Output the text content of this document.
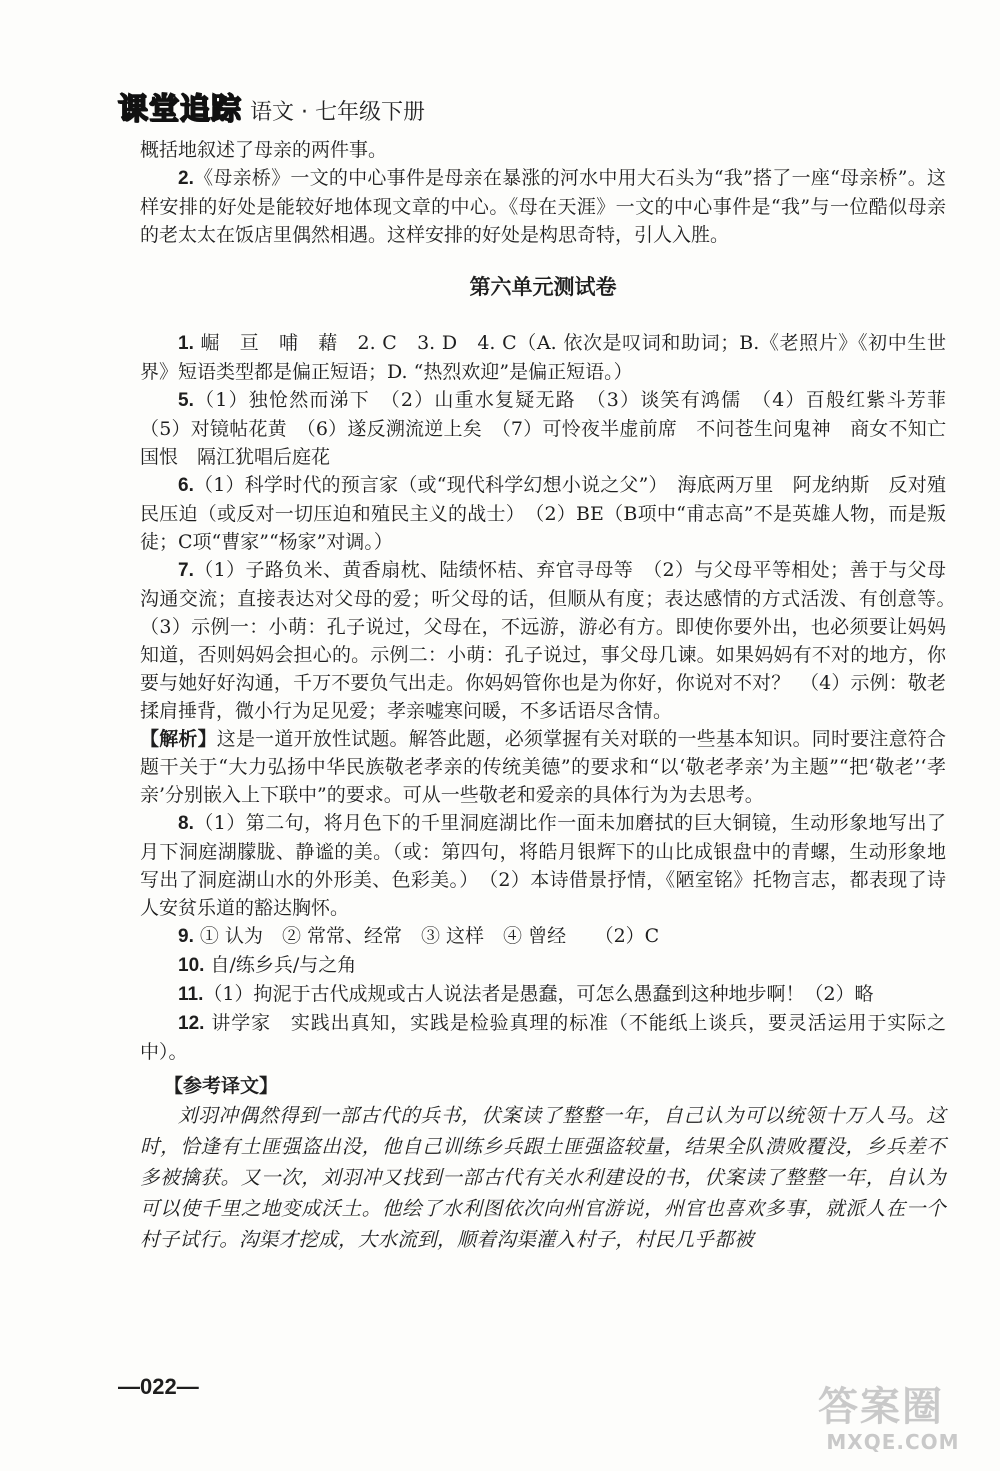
课堂追踪 语文 · 七年级下册

概括地叙述了母亲的两件事。

2.《母亲桥》一文的中心事件是母亲在暴涨的河水中用大石头为“我”搭了一座“母亲桥”。这样安排的好处是能较好地体现文章的中心。《母在天涯》一文的中心事件是“我”与一位酷似母亲的老太太在饭店里偶然相遇。这样安排的好处是构思奇特，引人入胜。

第六单元测试卷

1. 崛　亘　哺　藉　2. C　3. D　4. C（A. 依次是叹词和助词；B.《老照片》《初中生世界》短语类型都是偏正短语；D. “热烈欢迎”是偏正短语。）

5.（1）独怆然而涕下　（2）山重水复疑无路　（3）谈笑有鸿儒　（4）百般红紫斗芳菲　（5）对镜帖花黄　（6）遂反溯流逆上矣　（7）可怜夜半虚前席　不问苍生问鬼神　商女不知亡国恨　隔江犹唱后庭花

6.（1）科学时代的预言家（或“现代科学幻想小说之父”）　海底两万里　阿龙纳斯　反对殖民压迫（或反对一切压迫和殖民主义的战士）　（2）BE（B项中“甫志高”不是英雄人物，而是叛徒；C项“曹家”“杨家”对调。）

7.（1）子路负米、黄香扇枕、陆绩怀桔、弃官寻母等　（2）与父母平等相处；善于与父母沟通交流；直接表达对父母的爱；听父母的话，但顺从有度；表达感情的方式活泼、有创意等。　（3）示例一：小萌：孔子说过，父母在，不远游，游必有方。即使你要外出，也必须要让妈妈知道，否则妈妈会担心的。示例二：小萌：孔子说过，事父母几谏。如果妈妈有不对的地方，你要与她好好沟通，千万不要负气出走。你妈妈管你也是为你好，你说对不对？　（4）示例：敬老揉肩捶背，微小行为足见爱；孝亲嘘寒问暖，不多话语尽含情。

【解析】这是一道开放性试题。解答此题，必须掌握有关对联的一些基本知识。同时要注意符合题干关于“大力弘扬中华民族敬老孝亲的传统美德”的要求和“以‘敬老孝亲’为主题”“把‘敬老’‘孝亲’分别嵌入上下联中”的要求。可从一些敬老和爱亲的具体行为为去思考。

8.（1）第二句，将月色下的千里洞庭湖比作一面未加磨拭的巨大铜镜，生动形象地写出了月下洞庭湖朦胧、静谧的美。（或：第四句，将皓月银辉下的山比成银盘中的青螺，生动形象地写出了洞庭湖山水的外形美、色彩美。）　（2）本诗借景抒情，《陋室铭》托物言志，都表现了诗人安贫乐道的豁达胸怀。

9. ① 认为　② 常常、经常　③ 这样　④ 曾经　　（2）C

10. 自/练乡兵/与之角

11.（1）拘泥于古代成规或古人说法者是愚蠢，可怎么愚蠢到这种地步啊！（2）略

12. 讲学家　实践出真知，实践是检验真理的标准（不能纸上谈兵，要灵活运用于实际之中）。

【参考译文】

刘羽冲偶然得到一部古代的兵书，伏案读了整整一年，自己认为可以统领十万人马。这时，恰逢有土匪强盗出没，他自己训练乡兵跟土匪强盗较量，结果全队溃败覆没，乡兵差不多被擒获。又一次，刘羽冲又找到一部古代有关水利建设的书，伏案读了整整一年，自认为可以使千里之地变成沃土。他绘了水利图依次向州官游说，州官也喜欢多事，就派人在一个村子试行。沟渠才挖成，大水流到，顺着沟渠灌入村子，村民几乎都被

—022—	答案圈
MXQE.COM
